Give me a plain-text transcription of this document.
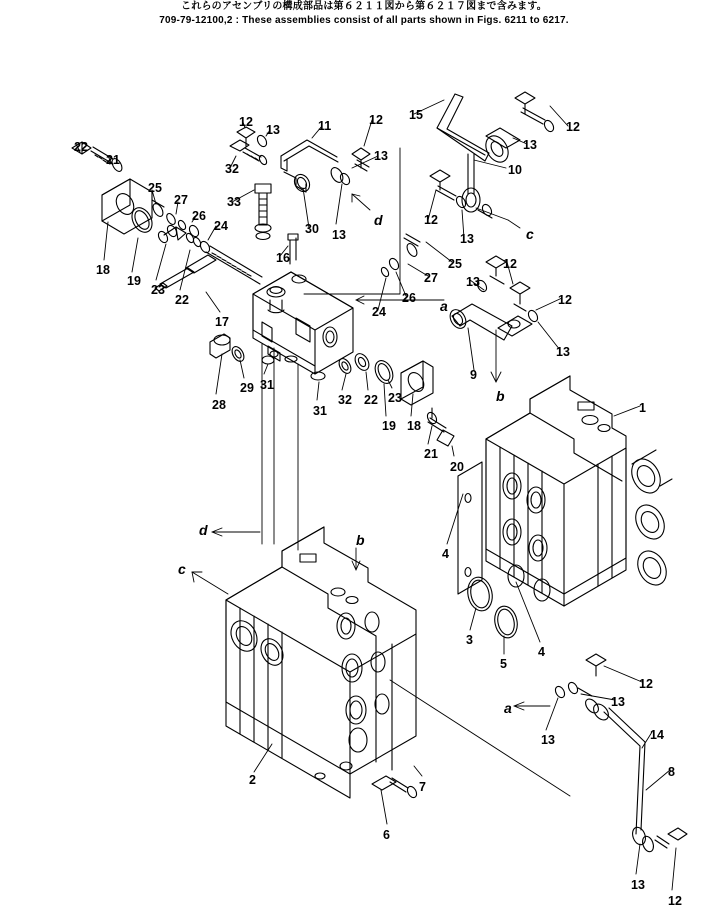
これらのアセンブリの構成部品は第６２１１図から第６２１７図まで含みます。
709-79-12100,2 : These assemblies consist of all parts shown in Figs. 6211 to 6217.
22
21
25
27
26
24
32
33
12
13	11	12
13
13
30
16
18
19
23
22
17
28
29 31
31
32 22 23
19 18
21
20
15
12
13
10
12
13
25
27
26
24
13
12
12
13
9
1
4
3
5
4
12
13
13	14
8
13
12
2
6
7
d
c
a
b
d
c
b
a
